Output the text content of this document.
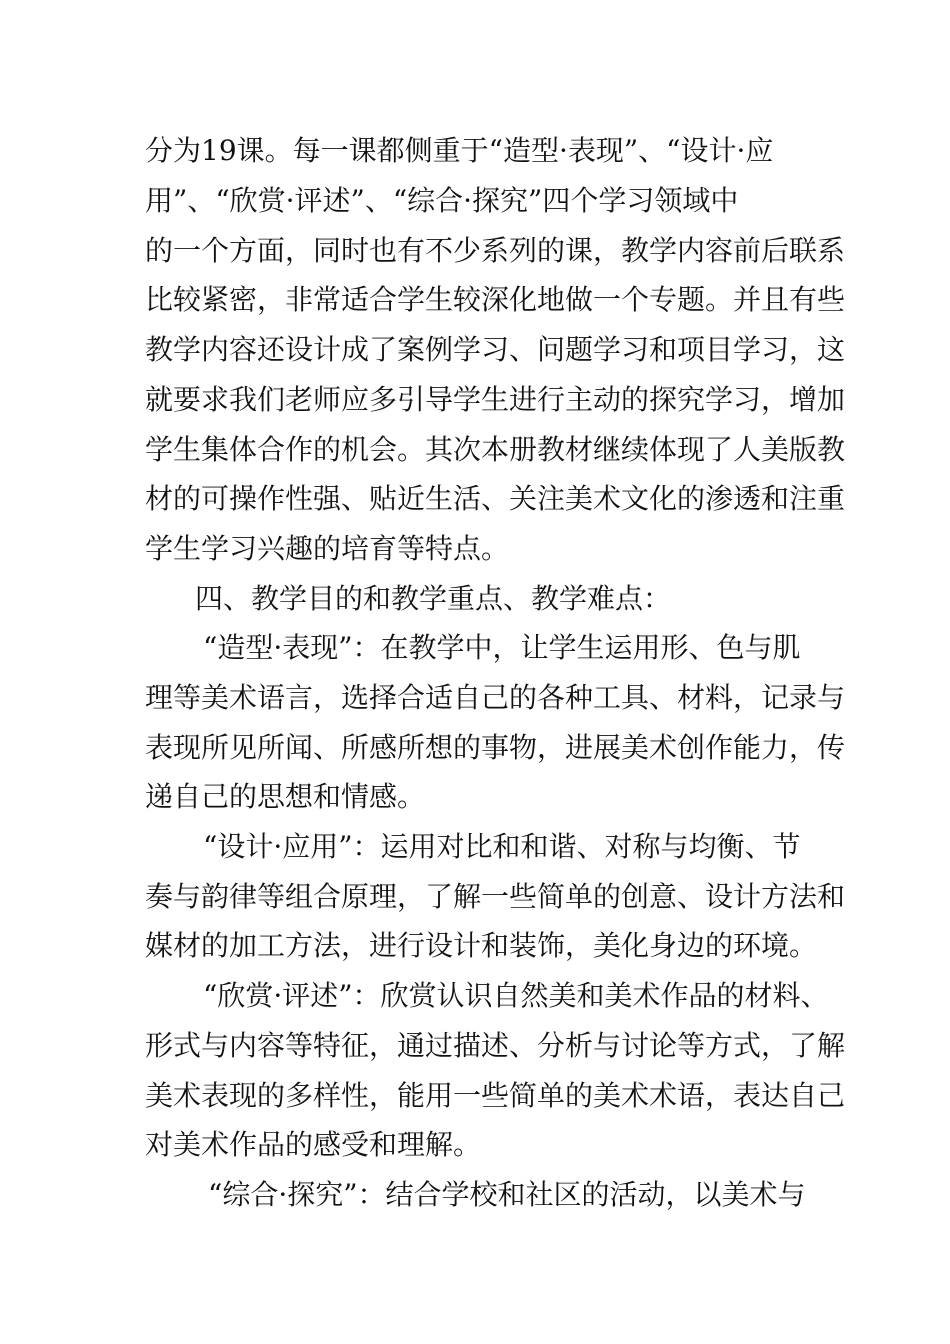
分为19课。每一课都侧重于“造型·表现”、“设计·应
用”、“欣赏·评述”、“综合·探究”四个学习领域中
的一个方面，同时也有不少系列的课，教学内容前后联系
比较紧密，非常适合学生较深化地做一个专题。并且有些
教学内容还设计成了案例学习、问题学习和项目学习，这
就要求我们老师应多引导学生进行主动的探究学习，增加
学生集体合作的机会。其次本册教材继续体现了人美版教
材的可操作性强、贴近生活、关注美术文化的渗透和注重
学生学习兴趣的培育等特点。
四、教学目的和教学重点、教学难点：
“造型·表现”：在教学中，让学生运用形、色与肌
理等美术语言，选择合适自己的各种工具、材料，记录与
表现所见所闻、所感所想的事物，进展美术创作能力，传
递自己的思想和情感。
“设计·应用”：运用对比和和谐、对称与均衡、节
奏与韵律等组合原理，了解一些简单的创意、设计方法和
媒材的加工方法，进行设计和装饰，美化身边的环境。
“欣赏·评述”：欣赏认识自然美和美术作品的材料、
形式与内容等特征，通过描述、分析与讨论等方式，了解
美术表现的多样性，能用一些简单的美术术语，表达自己
对美术作品的感受和理解。
“综合·探究”：结合学校和社区的活动，以美术与
